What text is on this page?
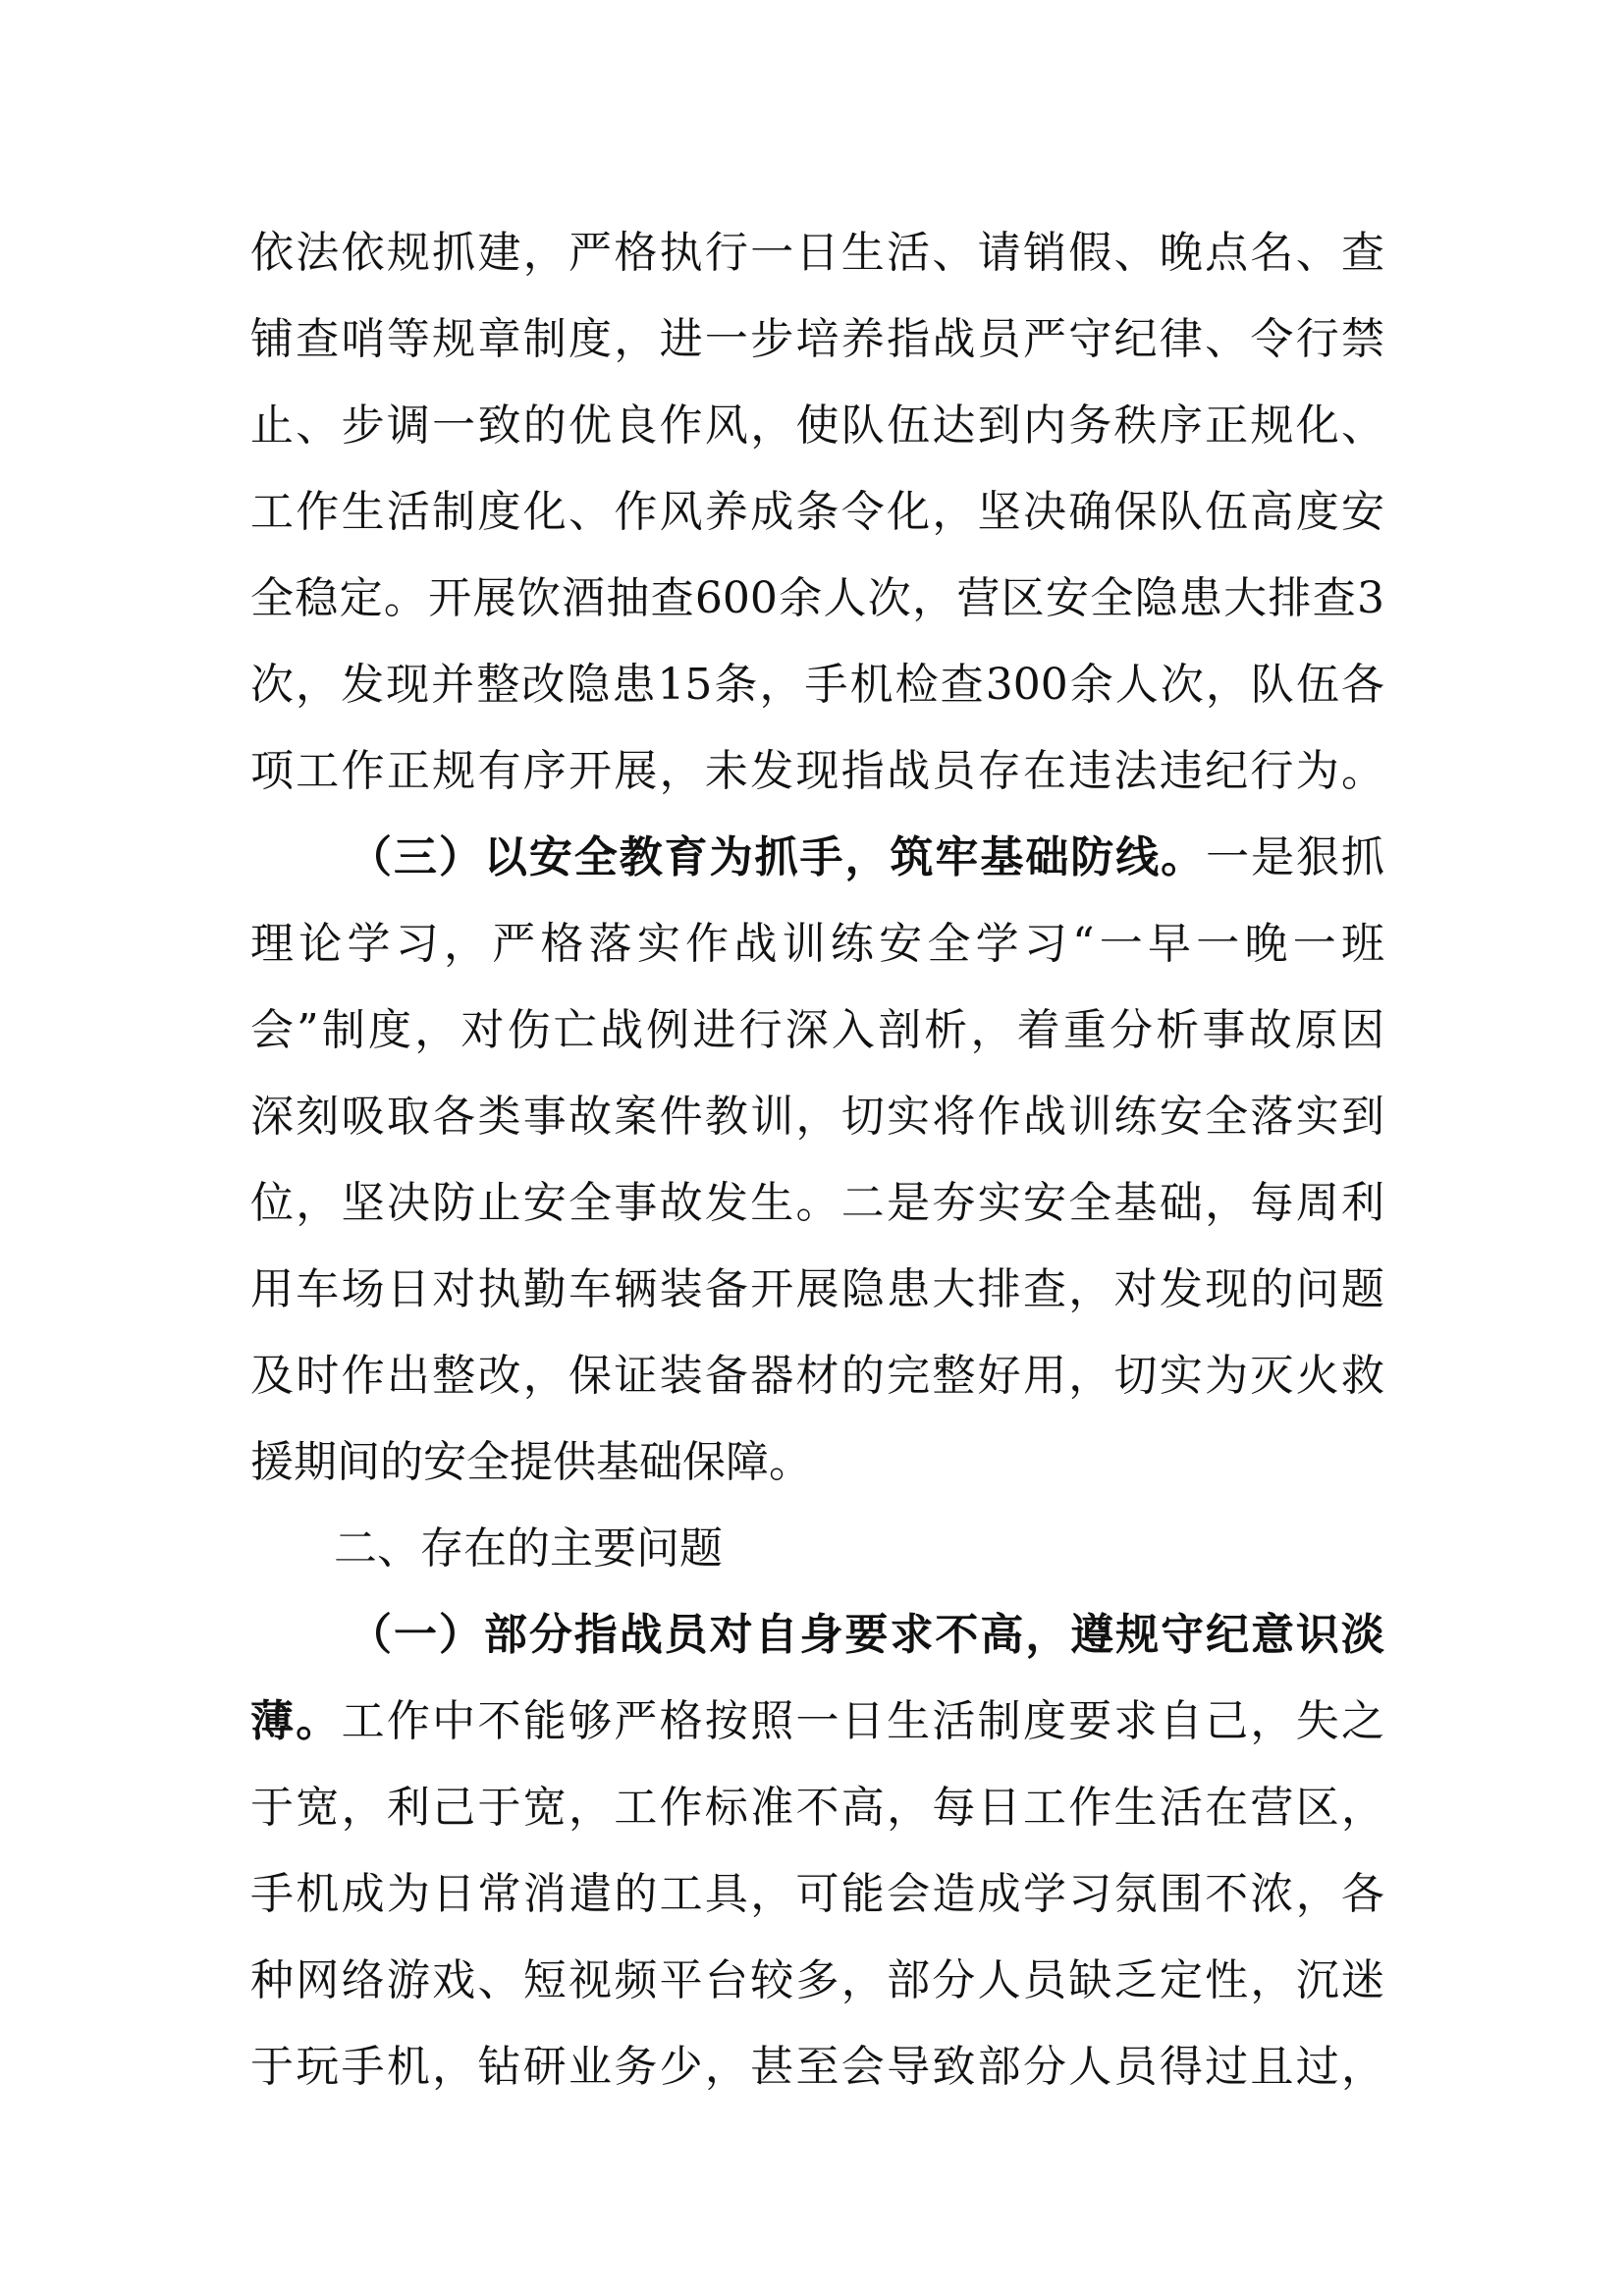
依法依规抓建，严格执行一日生活、请销假、晚点名、查
铺查哨等规章制度，进一步培养指战员严守纪律、令行禁
止、步调一致的优良作风，使队伍达到内务秩序正规化、
工作生活制度化、作风养成条令化，坚决确保队伍高度安
全稳定。开展饮酒抽查600余人次，营区安全隐患大排查3
次，发现并整改隐患15条，手机检查300余人次，队伍各
项工作正规有序开展，未发现指战员存在违法违纪行为。
（三）以安全教育为抓手，筑牢基础防线。一是狠抓
理论学习，严格落实作战训练安全学习“一早一晚一班
会”制度，对伤亡战例进行深入剖析，着重分析事故原因
深刻吸取各类事故案件教训，切实将作战训练安全落实到
位，坚决防止安全事故发生。二是夯实安全基础，每周利
用车场日对执勤车辆装备开展隐患大排查，对发现的问题
及时作出整改，保证装备器材的完整好用，切实为灭火救
援期间的安全提供基础保障。
二、存在的主要问题
（一）部分指战员对自身要求不高，遵规守纪意识淡
薄。工作中不能够严格按照一日生活制度要求自己，失之
于宽，利己于宽，工作标准不高，每日工作生活在营区，
手机成为日常消遣的工具，可能会造成学习氛围不浓，各
种网络游戏、短视频平台较多，部分人员缺乏定性，沉迷
于玩手机，钻研业务少，甚至会导致部分人员得过且过，
